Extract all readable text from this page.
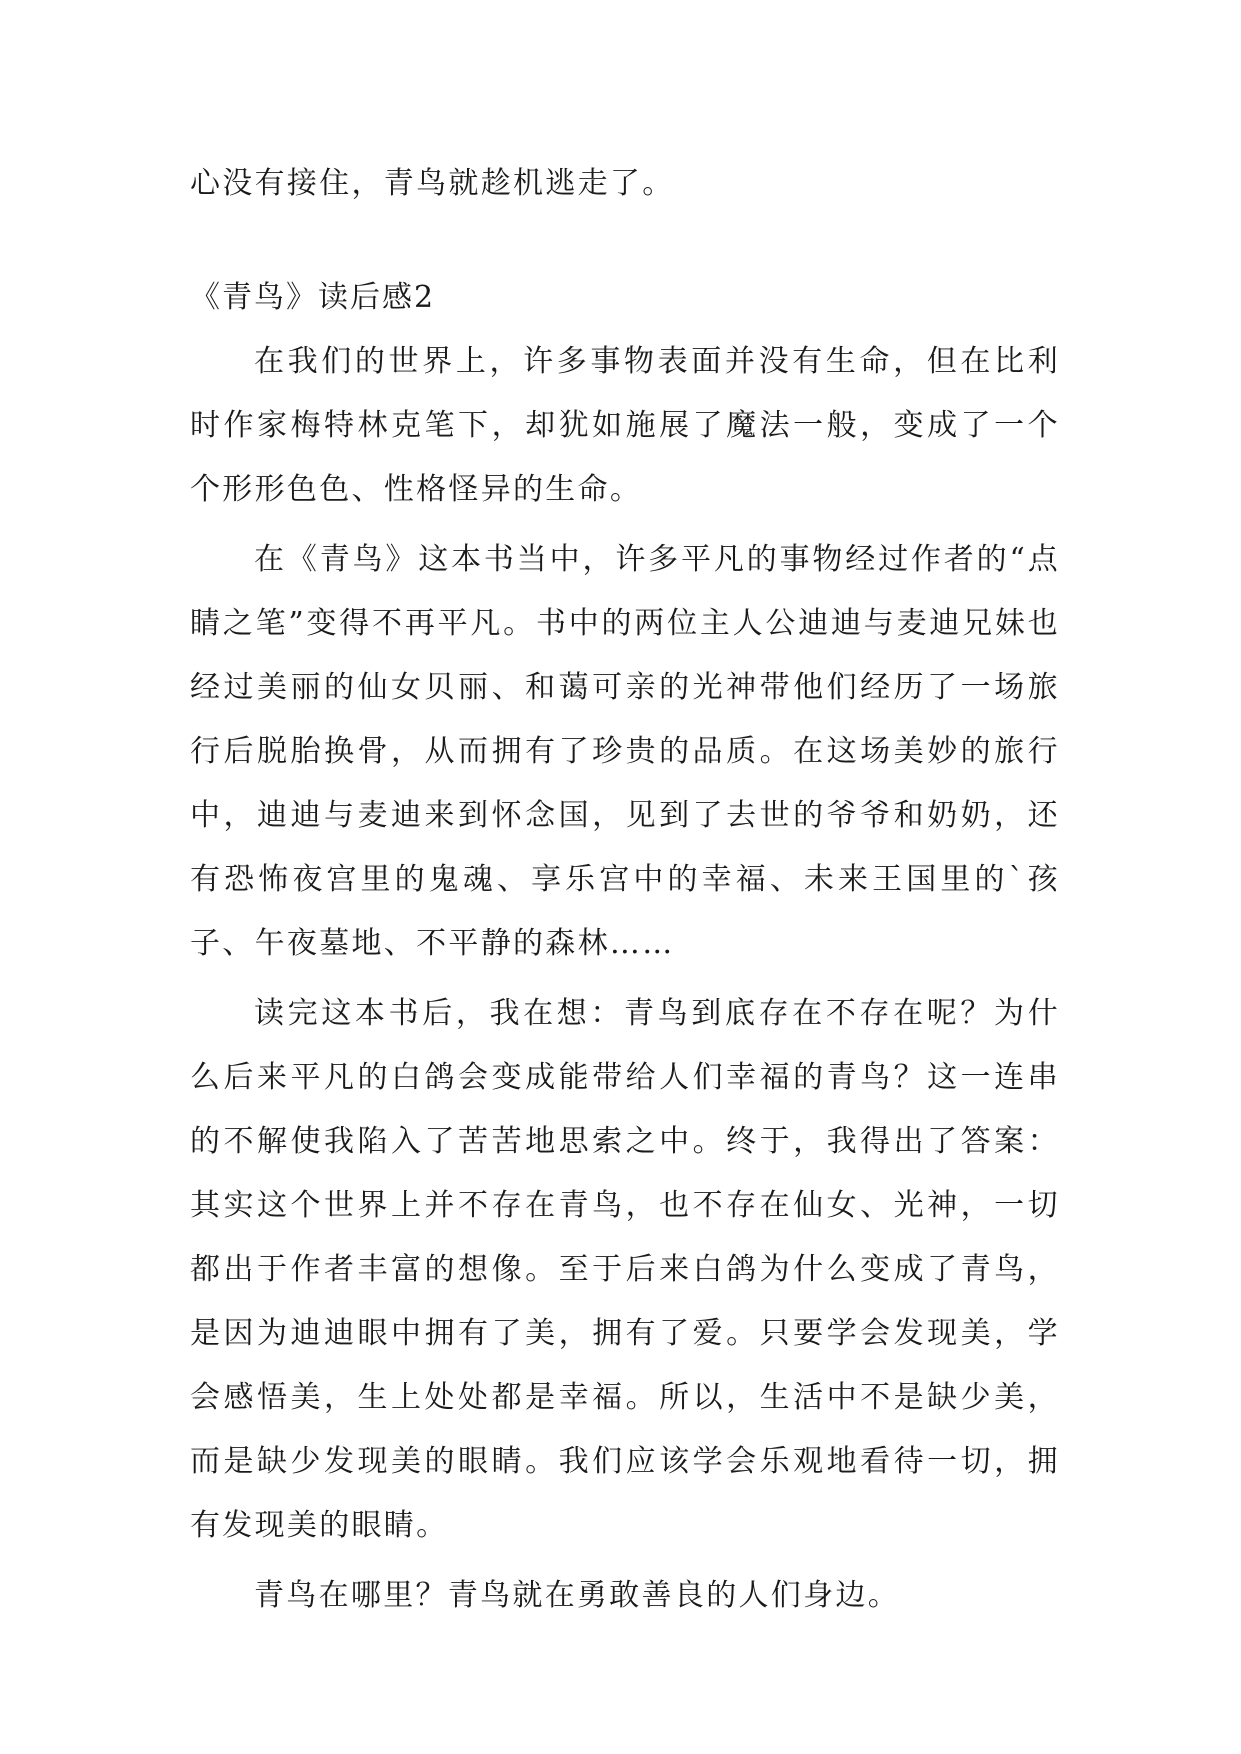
心没有接住，青鸟就趁机逃走了。

《青鸟》读后感2

在我们的世界上，许多事物表面并没有生命，但在比利时作家梅特林克笔下，却犹如施展了魔法一般，变成了一个个形形色色、性格怪异的生命。

在《青鸟》这本书当中，许多平凡的事物经过作者的“点睛之笔”变得不再平凡。书中的两位主人公迪迪与麦迪兄妹也经过美丽的仙女贝丽、和蔼可亲的光神带他们经历了一场旅行后脱胎换骨，从而拥有了珍贵的品质。在这场美妙的旅行中，迪迪与麦迪来到怀念国，见到了去世的爷爷和奶奶，还有恐怖夜宫里的鬼魂、享乐宫中的幸福、未来王国里的`孩子、午夜墓地、不平静的森林……

读完这本书后，我在想：青鸟到底存在不存在呢？为什么后来平凡的白鸽会变成能带给人们幸福的青鸟？这一连串的不解使我陷入了苦苦地思索之中。终于，我得出了答案：其实这个世界上并不存在青鸟，也不存在仙女、光神，一切都出于作者丰富的想像。至于后来白鸽为什么变成了青鸟，是因为迪迪眼中拥有了美，拥有了爱。只要学会发现美，学会感悟美，生上处处都是幸福。所以，生活中不是缺少美，而是缺少发现美的眼睛。我们应该学会乐观地看待一切，拥有发现美的眼睛。

青鸟在哪里？青鸟就在勇敢善良的人们身边。
